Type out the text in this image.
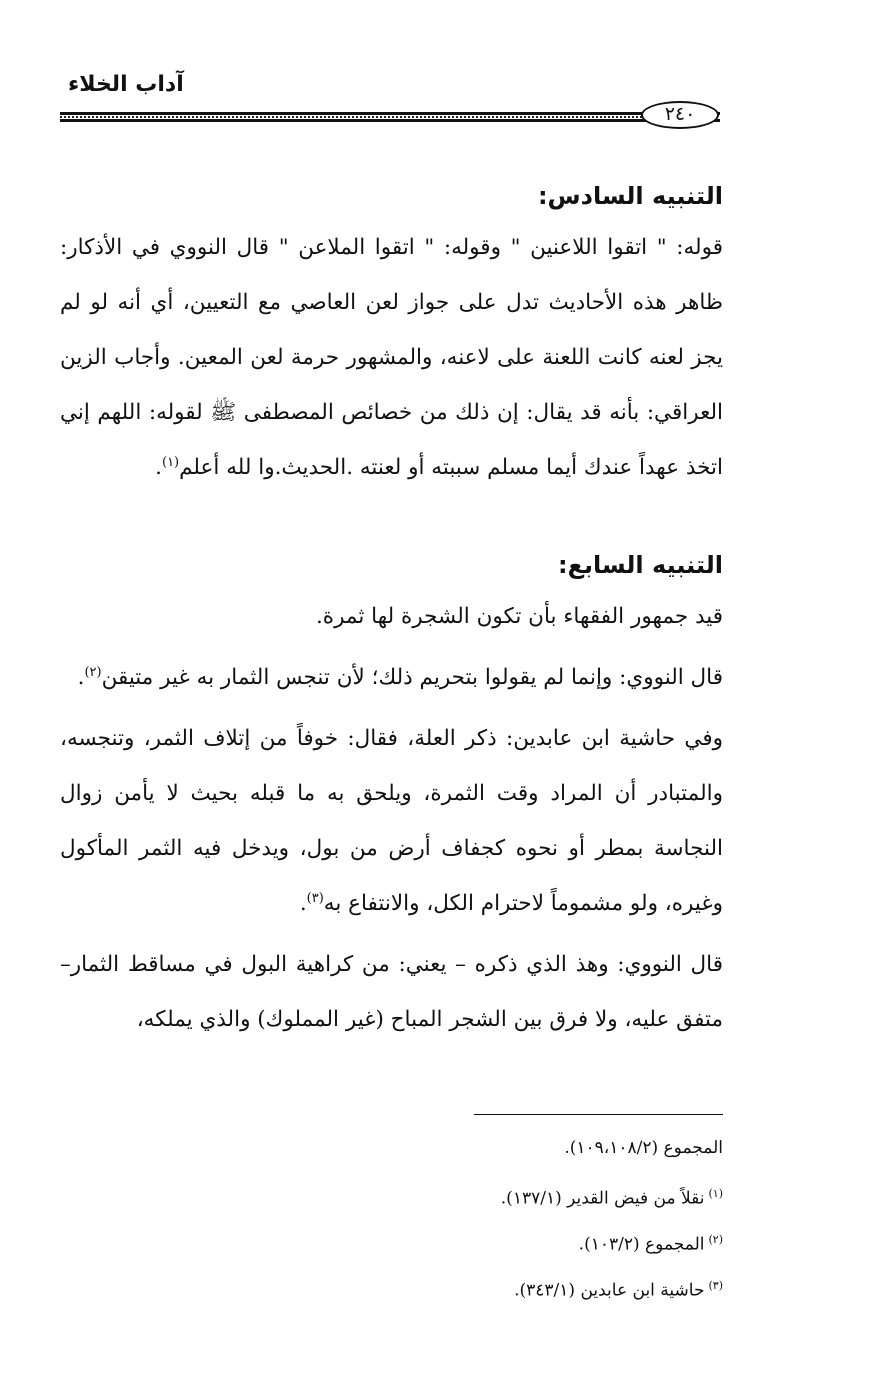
آداب الخلاء
٢٤٠
التنبيه السادس:

قوله: " اتقوا اللاعنين " وقوله: " اتقوا الملاعن " قال النووي في الأذكار: ظاهر هذه الأحاديث تدل على جواز لعن العاصي مع التعيين، أي أنه لو لم يجز لعنه كانت اللعنة على لاعنه، والمشهور حرمة لعن المعين. وأجاب الزين العراقي: بأنه قد يقال: إن ذلك من خصائص المصطفى ﷺ لقوله: اللهم إني اتخذ عهداً عندك أيما مسلم سببته أو لعنته .الحديث.وا لله أعلم$^{(١)}$.

التنبيه السابع:

قيد جمهور الفقهاء بأن تكون الشجرة لها ثمرة.

قال النووي: وإنما لم يقولوا بتحريم ذلك؛ لأن تنجس الثمار به غير متيقن$^{(٢)}$.

وفي حاشية ابن عابدين: ذكر العلة، فقال: خوفاً من إتلاف الثمر، وتنجسه، والمتبادر أن المراد وقت الثمرة، ويلحق به ما قبله بحيث لا يأمن زوال النجاسة بمطر أو نحوه كجفاف أرض من بول، ويدخل فيه الثمر المأكول وغيره، ولو مشموماً لاحترام الكل، والانتفاع به$^{(٣)}$.

قال النووي: وهذ الذي ذكره – يعني: من كراهية البول في مساقط الثمار– متفق عليه، ولا فرق بين الشجر المباح (غير المملوك) والذي يملكه،

المجموع (١٠٩،١٠٨/٢).

$^{(١)}$نقلاً من فيض القدير (١٣٧/١).

$^{(٢)}$المجموع (١٠٣/٢).

$^{(٣)}$حاشية ابن عابدين (٣٤٣/١).
